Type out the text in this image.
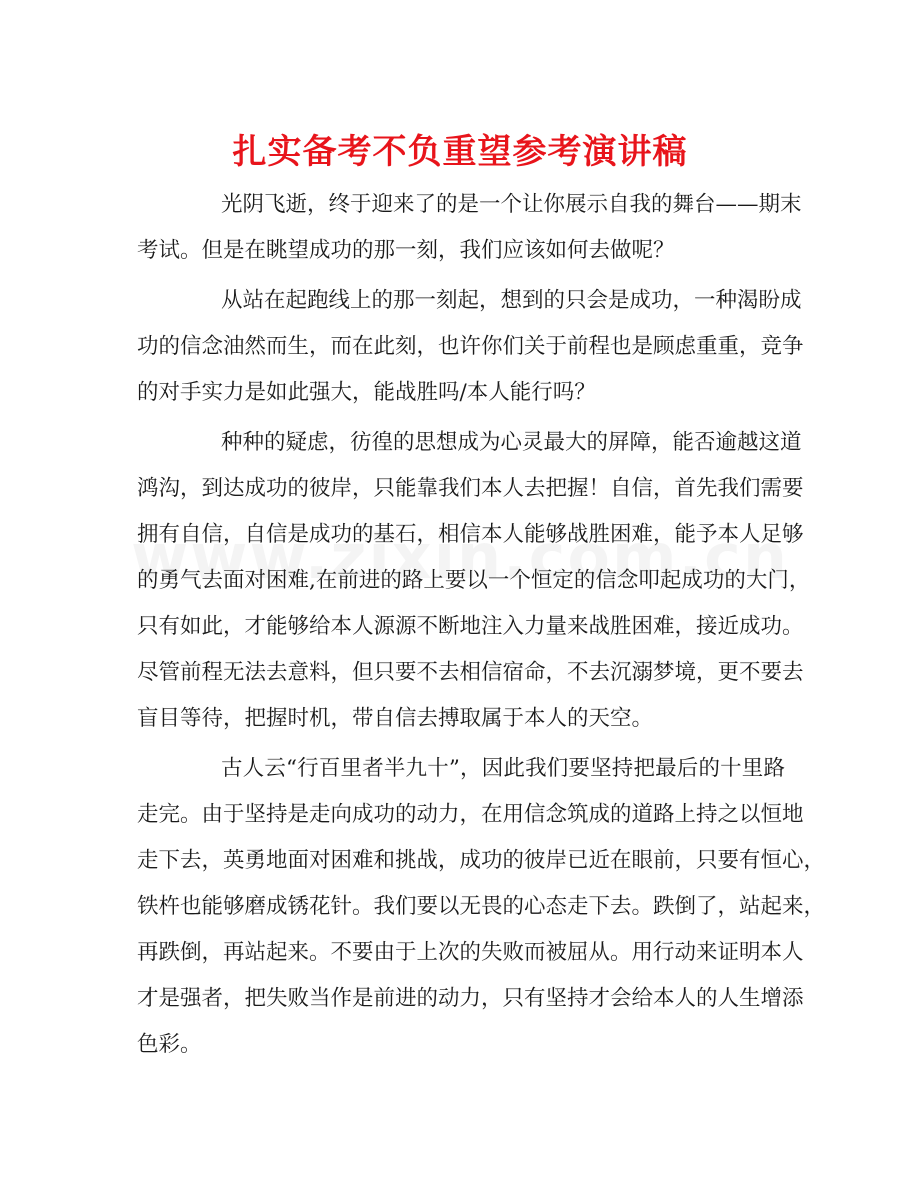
扎实备考不负重望参考演讲稿
光阴飞逝，终于迎来了的是一个让你展示自我的舞台——期末
考试。但是在眺望成功的那一刻，我们应该如何去做呢？
从站在起跑线上的那一刻起，想到的只会是成功，一种渴盼成
功的信念油然而生，而在此刻，也许你们关于前程也是顾虑重重，竞争
的对手实力是如此强大，能战胜吗/本人能行吗？
种种的疑虑，彷徨的思想成为心灵最大的屏障，能否逾越这道
鸿沟，到达成功的彼岸，只能靠我们本人去把握！自信，首先我们需要
拥有自信，自信是成功的基石，相信本人能够战胜困难，能予本人足够
的勇气去面对困难,在前进的路上要以一个恒定的信念叩起成功的大门，
只有如此，才能够给本人源源不断地注入力量来战胜困难，接近成功。
尽管前程无法去意料，但只要不去相信宿命，不去沉溺梦境，更不要去
盲目等待，把握时机，带自信去搏取属于本人的天空。
古人云“行百里者半九十”，因此我们要坚持把最后的十里路
走完。由于坚持是走向成功的动力，在用信念筑成的道路上持之以恒地
走下去，英勇地面对困难和挑战，成功的彼岸已近在眼前，只要有恒心，
铁杵也能够磨成锈花针。我们要以无畏的心态走下去。跌倒了，站起来，
再跌倒，再站起来。不要由于上次的失败而被屈从。用行动来证明本人
才是强者，把失败当作是前进的动力，只有坚持才会给本人的人生增添
色彩。
